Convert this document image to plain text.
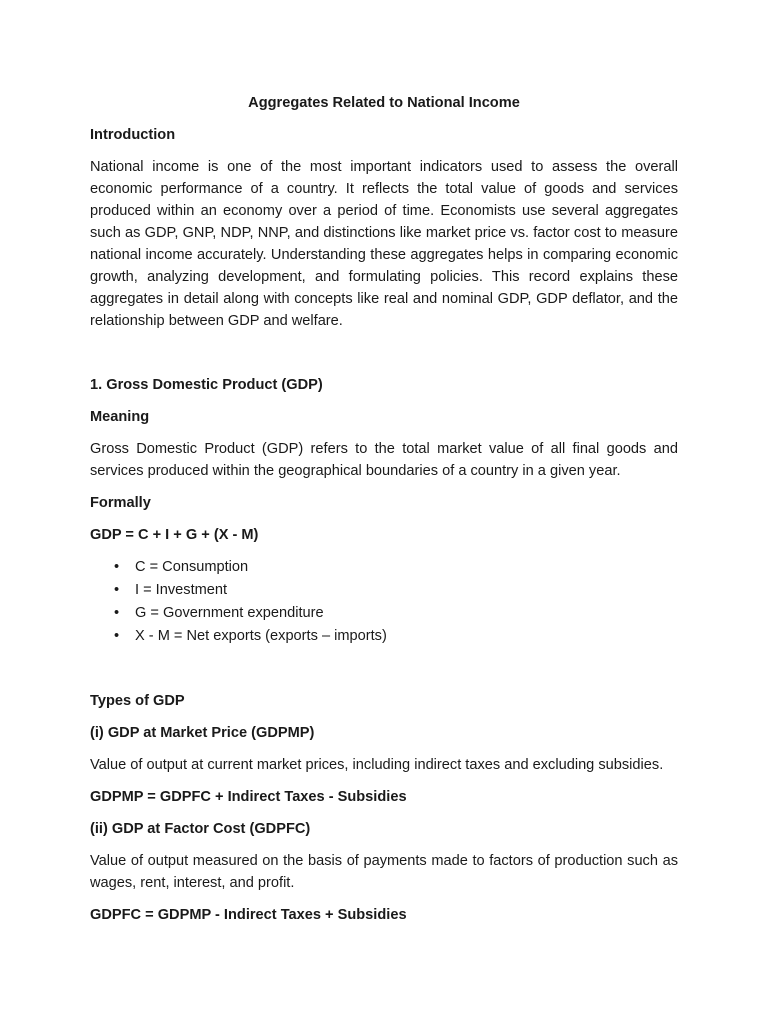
Aggregates Related to National Income
Introduction
National income is one of the most important indicators used to assess the overall economic performance of a country. It reflects the total value of goods and services produced within an economy over a period of time. Economists use several aggregates such as GDP, GNP, NDP, NNP, and distinctions like market price vs. factor cost to measure national income accurately. Understanding these aggregates helps in comparing economic growth, analyzing development, and formulating policies. This record explains these aggregates in detail along with concepts like real and nominal GDP, GDP deflator, and the relationship between GDP and welfare.
1. Gross Domestic Product (GDP)
Meaning
Gross Domestic Product (GDP) refers to the total market value of all final goods and services produced within the geographical boundaries of a country in a given year.
Formally
GDP = C + I + G + (X - M)
• C = Consumption
• I = Investment
• G = Government expenditure
• X - M = Net exports (exports – imports)
Types of GDP
(i) GDP at Market Price (GDPMP)
Value of output at current market prices, including indirect taxes and excluding subsidies.
GDPMP = GDPFC + Indirect Taxes - Subsidies
(ii) GDP at Factor Cost (GDPFC)
Value of output measured on the basis of payments made to factors of production such as wages, rent, interest, and profit.
GDPFC = GDPMP - Indirect Taxes + Subsidies
